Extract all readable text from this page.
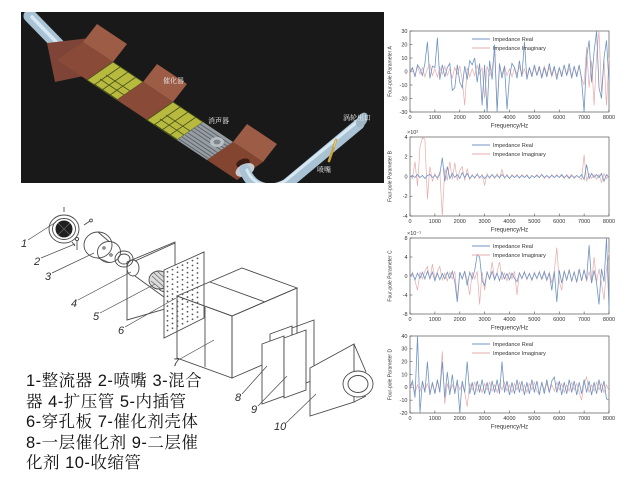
催化器
消声器	涡轮出口
喷嘴
1
2
3
4
5
6
7
8
9
10
1-整流器 2-喷嘴 3-混合
器 4-扩压管 5-内插管
6-穿孔板 7-催化剂壳体
8-一层催化剂 9-二层催
化剂 10-收缩管
30
20
10
0
-10
-20
-30
0	1000 2000 3000 4000 5000 6000 7000 8000
Frequency/Hz
Four-pole Parameter A
Impedance Real
Impedance Imaginary
4
2
0
-2
-4
0	1000 2000 3000 4000 5000 6000 7000 8000
Frequency/Hz
Four-pole Parameter B
×10²
Impedance Real
Impedance Imaginary
8
4
0
-4
-8
0	1000 2000 3000 4000 5000 6000 7000 8000
Frequency/Hz
Four-pole Parameter C
×10⁻¹
Impedance Real
Impedance Imaginary
40
30
20
10
0
-10
-20
0	1000 2000 3000 4000 5000 6000 7000 8000
Frequency/Hz
Four-pole Parameter D
Impedance Real
Impedance Imaginary
